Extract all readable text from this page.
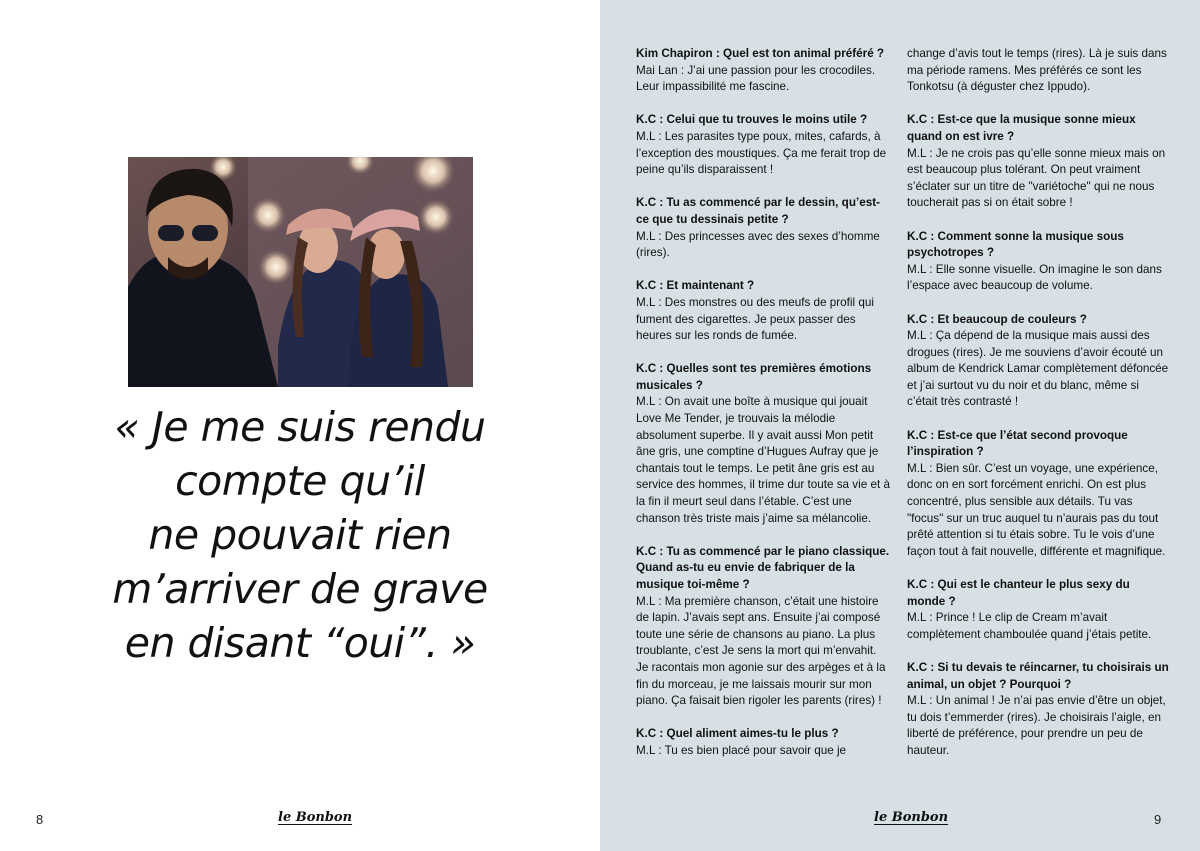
« Je me suis rendu
compte qu’il
ne pouvait rien
m’arriver de grave
en disant “oui”. »
8	le Bonbon	9
le Bonbon
Kim Chapiron : Quel est ton animal préféré ?
Mai Lan : J’ai une passion pour les crocodiles. Leur impassibilité me fascine.
K.C : Celui que tu trouves le moins utile ?
M.L : Les parasites type poux, mites, cafards, à l’exception des moustiques. Ça me ferait trop de peine qu’ils disparaissent !
K.C : Tu as commencé par le dessin, qu’est-ce que tu dessinais petite ?
M.L : Des princesses avec des sexes d’homme (rires).
K.C : Et maintenant ?
M.L : Des monstres ou des meufs de profil qui fument des cigarettes. Je peux passer des heures sur les ronds de fumée.
K.C : Quelles sont tes premières émotions musicales ?
M.L : On avait une boîte à musique qui jouait Love Me Tender, je trouvais la mélodie absolument superbe. Il y avait aussi Mon petit âne gris, une comptine d’Hugues Aufray que je chantais tout le temps. Le petit âne gris est au service des hommes, il trime dur toute sa vie et à la fin il meurt seul dans l’étable. C’est une chanson très triste mais j’aime sa mélancolie.
K.C : Tu as commencé par le piano classique. Quand as-tu eu envie de fabriquer de la musique toi-même ?
M.L : Ma première chanson, c’était une histoire de lapin. J’avais sept ans. Ensuite j’ai composé toute une série de chansons au piano. La plus troublante, c’est Je sens la mort qui m’envahit. Je racontais mon agonie sur des arpèges et à la fin du morceau, je me laissais mourir sur mon piano. Ça faisait bien rigoler les parents (rires) !
K.C : Quel aliment aimes-tu le plus ?
M.L : Tu es bien placé pour savoir que je
change d’avis tout le temps (rires). Là je suis dans ma période ramens. Mes préférés ce sont les Tonkotsu (à déguster chez Ippudo).
K.C : Est-ce que la musique sonne mieux quand on est ivre ?
M.L : Je ne crois pas qu’elle sonne mieux mais on est beaucoup plus tolérant. On peut vraiment s’éclater sur un titre de "variétoche" qui ne nous toucherait pas si on était sobre !
K.C : Comment sonne la musique sous psychotropes ?
M.L : Elle sonne visuelle. On imagine le son dans l’espace avec beaucoup de volume.
K.C : Et beaucoup de couleurs ?
M.L : Ça dépend de la musique mais aussi des drogues (rires). Je me souviens d’avoir écouté un album de Kendrick Lamar complètement défoncée et j’ai surtout vu du noir et du blanc, même si c’était très contrasté !
K.C : Est-ce que l’état second provoque l’inspiration ?
M.L : Bien sûr. C’est un voyage, une expérience, donc on en sort forcément enrichi. On est plus concentré, plus sensible aux détails. Tu vas "focus" sur un truc auquel tu n’aurais pas du tout prêté attention si tu étais sobre. Tu le vois d’une façon tout à fait nouvelle, différente et magnifique.
K.C : Qui est le chanteur le plus sexy du monde ?
M.L : Prince ! Le clip de Cream m’avait complètement chamboulée quand j’étais petite.
K.C : Si tu devais te réincarner, tu choisirais un animal, un objet ? Pourquoi ?
M.L : Un animal ! Je n’ai pas envie d’être un objet, tu dois t’emmerder (rires). Je choisirais l’aigle, en liberté de préférence, pour prendre un peu de hauteur.
